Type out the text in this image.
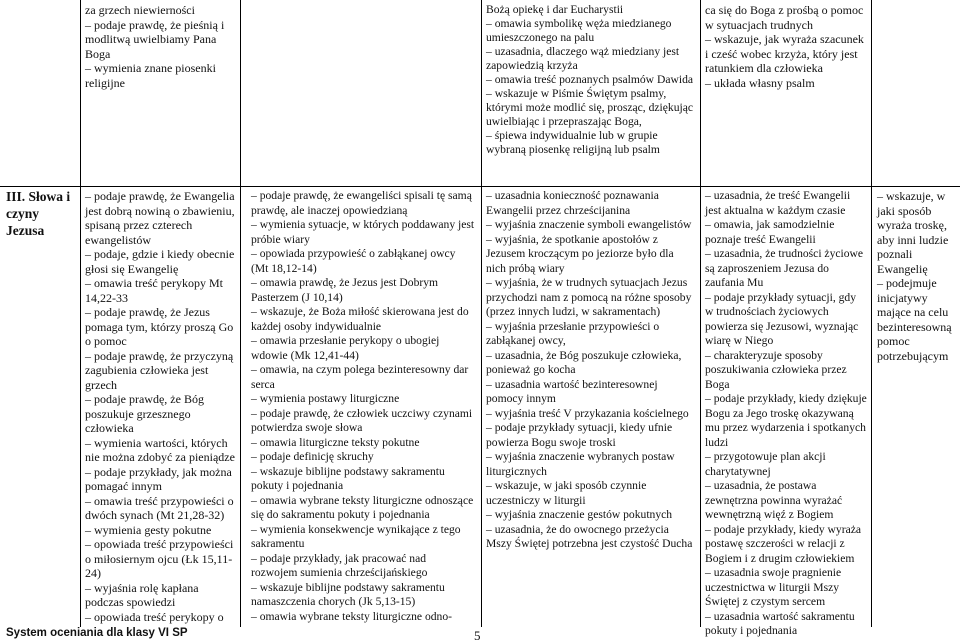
III. Słowa i czyny Jezusa

za grzech niewierności

– podaje prawdę, że pieśnią i modlitwą uwielbiamy Pana Boga

– wymienia znane piosenki religijne

– podaje prawdę, że Ewangelia jest dobrą nowiną o zbawieniu, spisaną przez czterech ewangelistów

– podaje, gdzie i kiedy obecnie głosi się Ewangelię

– omawia treść perykopy Mt 14,22-33

– podaje prawdę, że Jezus pomaga tym, którzy proszą Go o pomoc

– podaje prawdę, że przyczyną zagubienia człowieka jest grzech

– podaje prawdę, że Bóg poszukuje grzesznego człowieka

– wymienia wartości, których nie można zdobyć za pieniądze

– podaje przykłady, jak można pomagać innym

– omawia treść przypowieści o dwóch synach (Mt 21,28-32)

– wymienia gesty pokutne

– opowiada treść przypowieści o miłosiernym ojcu (Łk 15,11-24)

– wyjaśnia rolę kapłana podczas spowiedzi

– opowiada treść perykopy o

– podaje prawdę, że ewangeliści spisali tę samą prawdę, ale inaczej opowiedzianą

– wymienia sytuacje, w których poddawany jest próbie wiary

– opowiada przypowieść o zabłąkanej owcy (Mt 18,12-14)

– omawia prawdę, że Jezus jest Dobrym Pasterzem (J 10,14)

– wskazuje, że Boża miłość skierowana jest do każdej osoby indywidualnie

– omawia przesłanie perykopy o ubogiej wdowie (Mk 12,41-44)

– omawia, na czym polega bezinteresowny dar serca

– wymienia postawy liturgiczne

– podaje prawdę, że człowiek uczciwy czynami potwierdza swoje słowa

– omawia liturgiczne teksty pokutne

– podaje definicję skruchy

– wskazuje biblijne podstawy sakramentu pokuty i pojednania

– omawia wybrane teksty liturgiczne odnoszące się do sakramentu pokuty i pojednania

– wymienia konsekwencje wynikające z tego sakramentu

– podaje przykłady, jak pracować nad rozwojem sumienia chrześcijańskiego

– wskazuje biblijne podstawy sakramentu namaszczenia chorych (Jk 5,13-15)

– omawia wybrane teksty liturgiczne odno-

Bożą opiekę i dar Eucharystii

– omawia symbolikę węża miedzianego umieszczonego na palu

– uzasadnia, dlaczego wąż miedziany jest zapowiedzią krzyża

– omawia treść poznanych psalmów Dawida

– wskazuje w Piśmie Świętym psalmy, którymi może modlić się, prosząc, dziękując uwielbiając i przepraszając Boga,

– śpiewa indywidualnie lub w grupie wybraną piosenkę religijną lub psalm

– uzasadnia konieczność poznawania Ewangelii przez chrześcijanina

– wyjaśnia znaczenie symboli ewangelistów

– wyjaśnia, że spotkanie apostołów z Jezusem kroczącym po jeziorze było dla nich próbą wiary

– wyjaśnia, że w trudnych sytuacjach Jezus przychodzi nam z pomocą na różne sposoby (przez innych ludzi, w sakramentach)

– wyjaśnia przesłanie przypowieści o zabłąkanej owcy,

– uzasadnia, że Bóg poszukuje człowieka, ponieważ go kocha

– uzasadnia wartość bezinteresownej pomocy innym

– wyjaśnia treść V przykazania kościelnego

– podaje przykłady sytuacji, kiedy ufnie powierza Bogu swoje troski

– wyjaśnia znaczenie wybranych postaw liturgicznych

– wskazuje, w jaki sposób czynnie uczestniczy w liturgii

– wyjaśnia znaczenie gestów pokutnych

– uzasadnia, że do owocnego przeżycia Mszy Świętej potrzebna jest czystość Ducha

ca się do Boga z prośbą o pomoc w sytuacjach trudnych

– wskazuje, jak wyraża szacunek i cześć wobec krzyża, który jest ratunkiem dla człowieka

– układa własny psalm

– uzasadnia, że treść Ewangelii jest aktualna w każdym czasie

– omawia, jak samodzielnie poznaje treść Ewangelii

– uzasadnia, że trudności życiowe są zaproszeniem Jezusa do zaufania Mu

– podaje przykłady sytuacji, gdy w trudnościach życiowych powierza się Jezusowi, wyznając wiarę w Niego

– charakteryzuje sposoby poszukiwania człowieka przez Boga

– podaje przykłady, kiedy dziękuje Bogu za Jego troskę okazywaną mu przez wydarzenia i spotkanych ludzi

– przygotowuje plan akcji charytatywnej

– uzasadnia, że postawa zewnętrzna powinna wyrażać wewnętrzną więź z Bogiem

– podaje przykłady, kiedy wyraża postawę szczerości w relacji z Bogiem i z drugim człowiekiem

– uzasadnia swoje pragnienie uczestnictwa w liturgii Mszy Świętej z czystym sercem

– uzasadnia wartość sakramentu pokuty i pojednania

– wskazuje, w jaki sposób wyraża troskę, aby inni ludzie poznali Ewangelię

– podejmuje inicjatywy mające na celu bezinteresowną pomoc potrzebującym

System oceniania dla klasy VI SP	5
